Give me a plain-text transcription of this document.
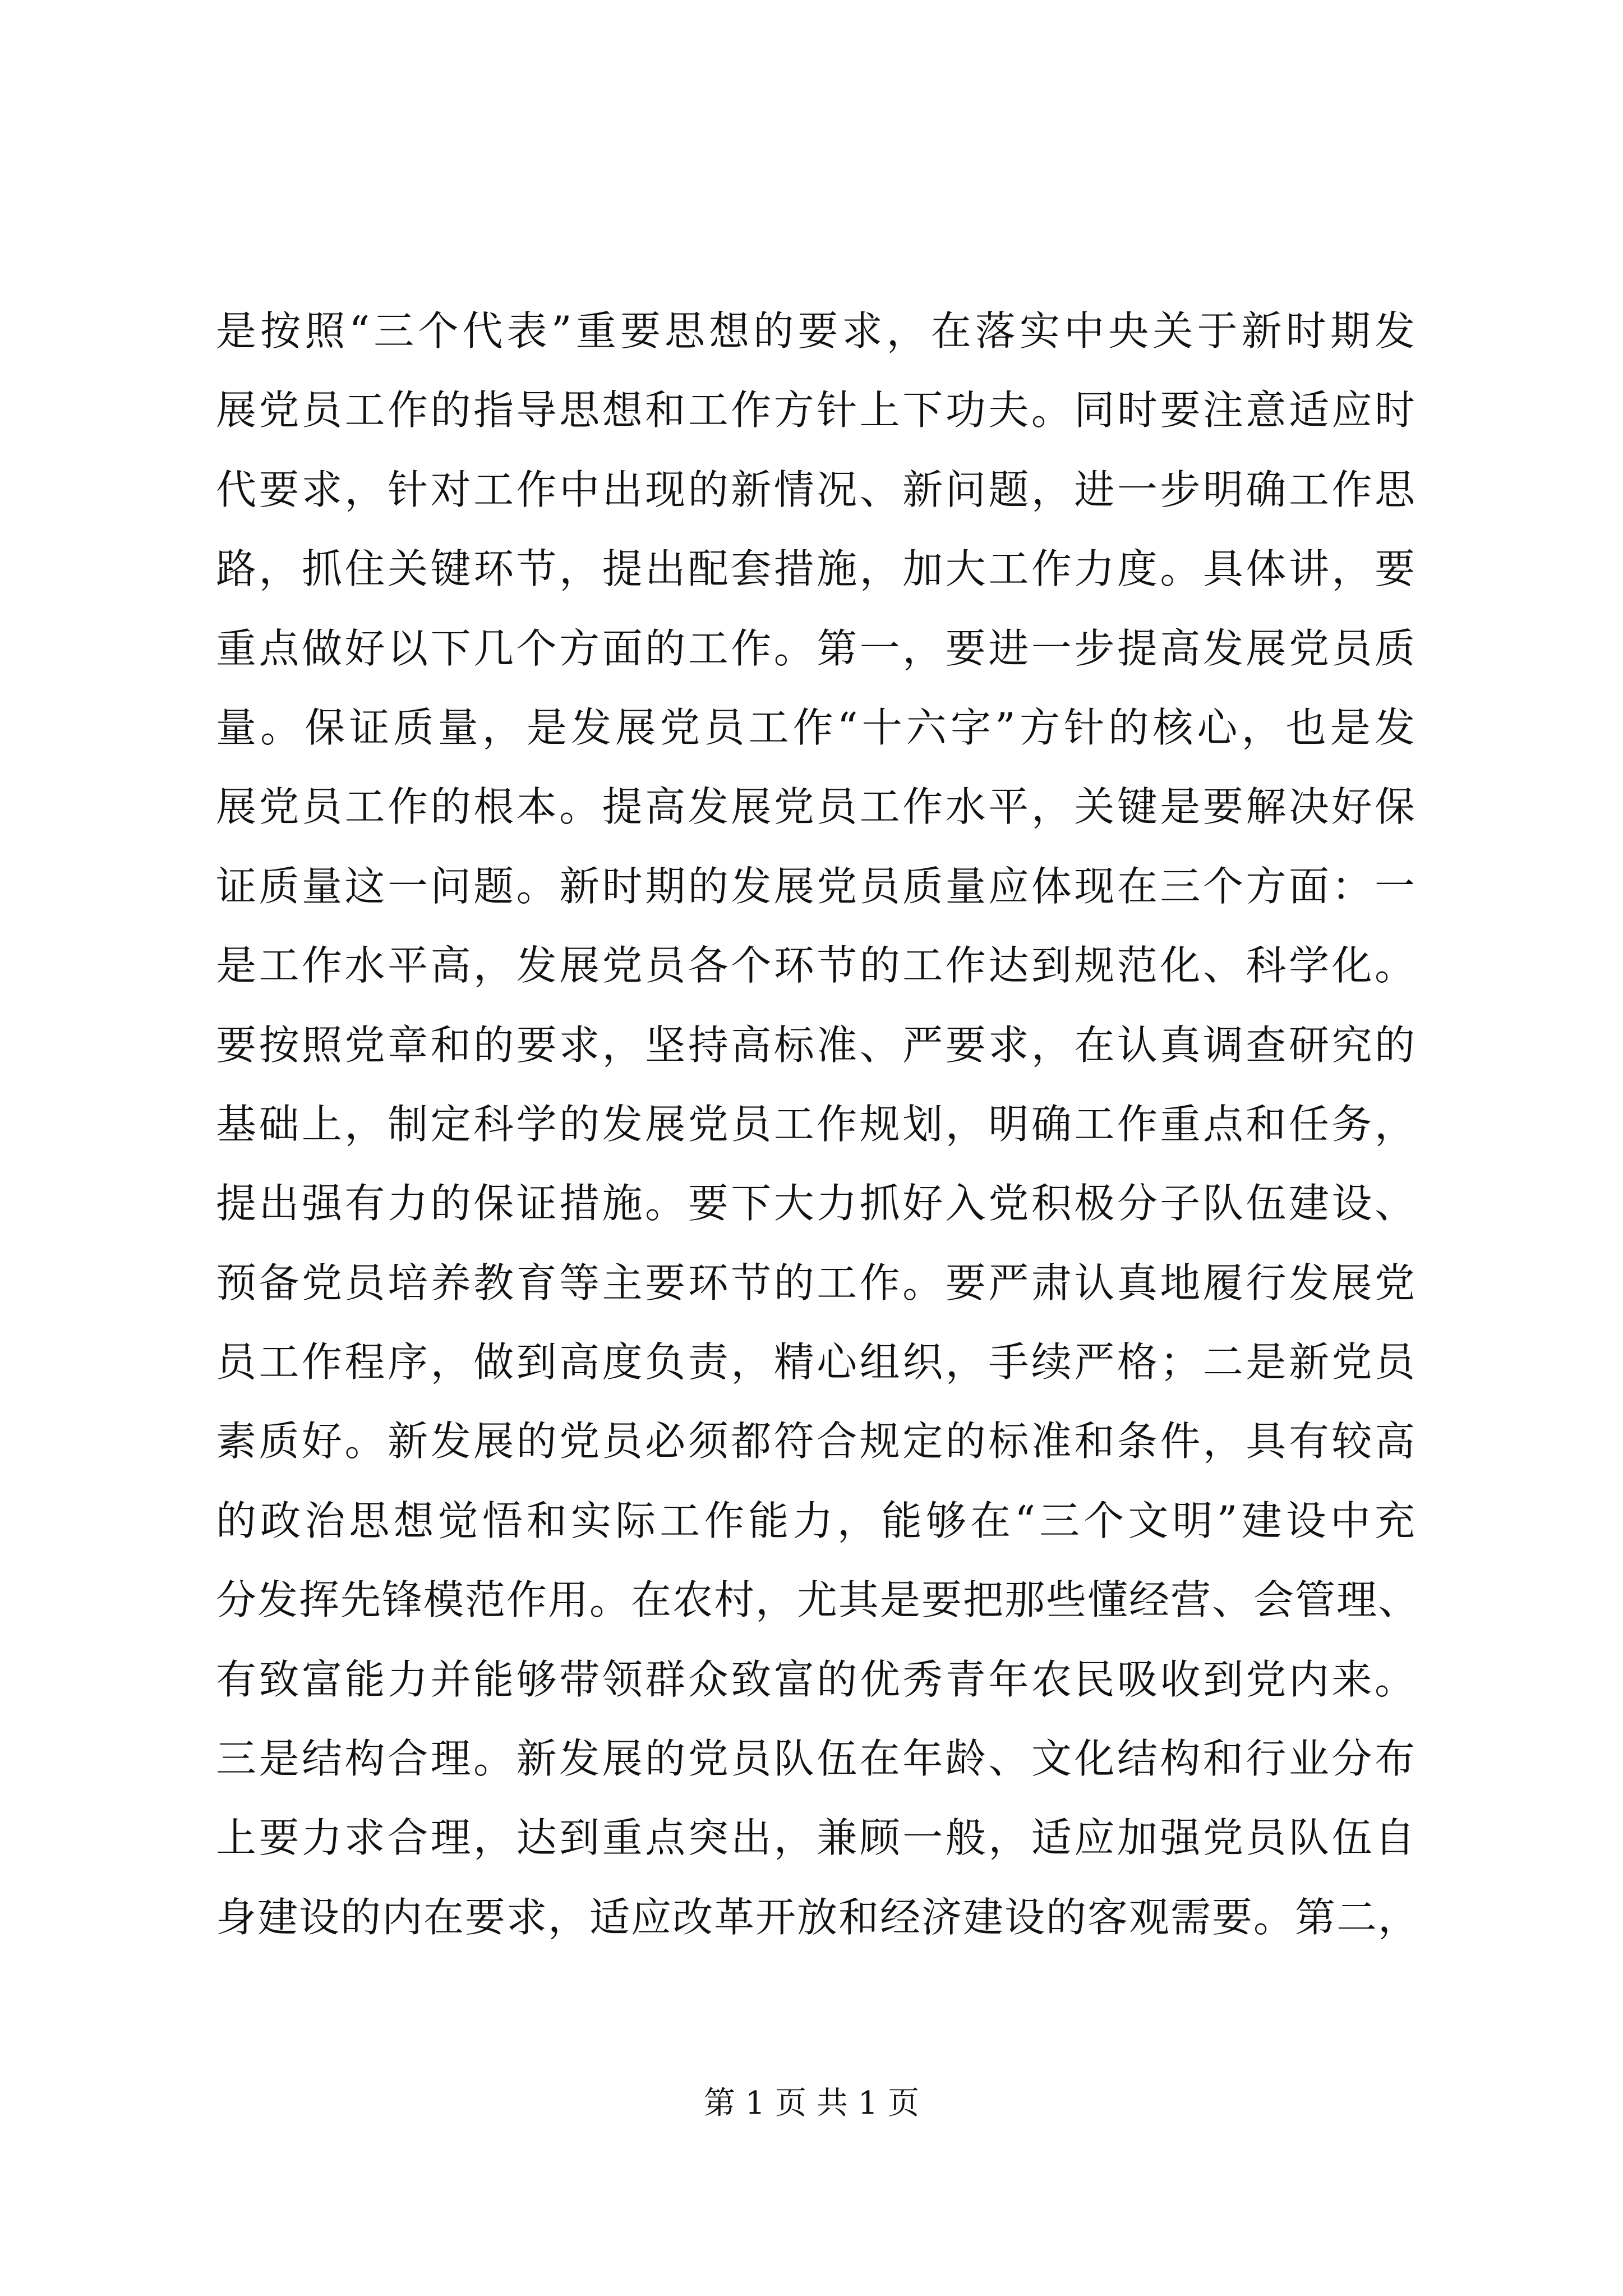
是按照“三个代表”重要思想的要求，在落实中央关于新时期发
展党员工作的指导思想和工作方针上下功夫。同时要注意适应时
代要求，针对工作中出现的新情况、新问题，进一步明确工作思
路，抓住关键环节，提出配套措施，加大工作力度。具体讲，要
重点做好以下几个方面的工作。第一，要进一步提高发展党员质
量。保证质量，是发展党员工作“十六字”方针的核心，也是发
展党员工作的根本。提高发展党员工作水平，关键是要解决好保
证质量这一问题。新时期的发展党员质量应体现在三个方面：一
是工作水平高，发展党员各个环节的工作达到规范化、科学化。
要按照党章和的要求，坚持高标准、严要求，在认真调查研究的
基础上，制定科学的发展党员工作规划，明确工作重点和任务，
提出强有力的保证措施。要下大力抓好入党积极分子队伍建设、
预备党员培养教育等主要环节的工作。要严肃认真地履行发展党
员工作程序，做到高度负责，精心组织，手续严格；二是新党员
素质好。新发展的党员必须都符合规定的标准和条件，具有较高
的政治思想觉悟和实际工作能力，能够在“三个文明”建设中充
分发挥先锋模范作用。在农村，尤其是要把那些懂经营、会管理、
有致富能力并能够带领群众致富的优秀青年农民吸收到党内来。
三是结构合理。新发展的党员队伍在年龄、文化结构和行业分布
上要力求合理，达到重点突出，兼顾一般，适应加强党员队伍自
身建设的内在要求，适应改革开放和经济建设的客观需要。第二，
第 1 页 共 1 页
